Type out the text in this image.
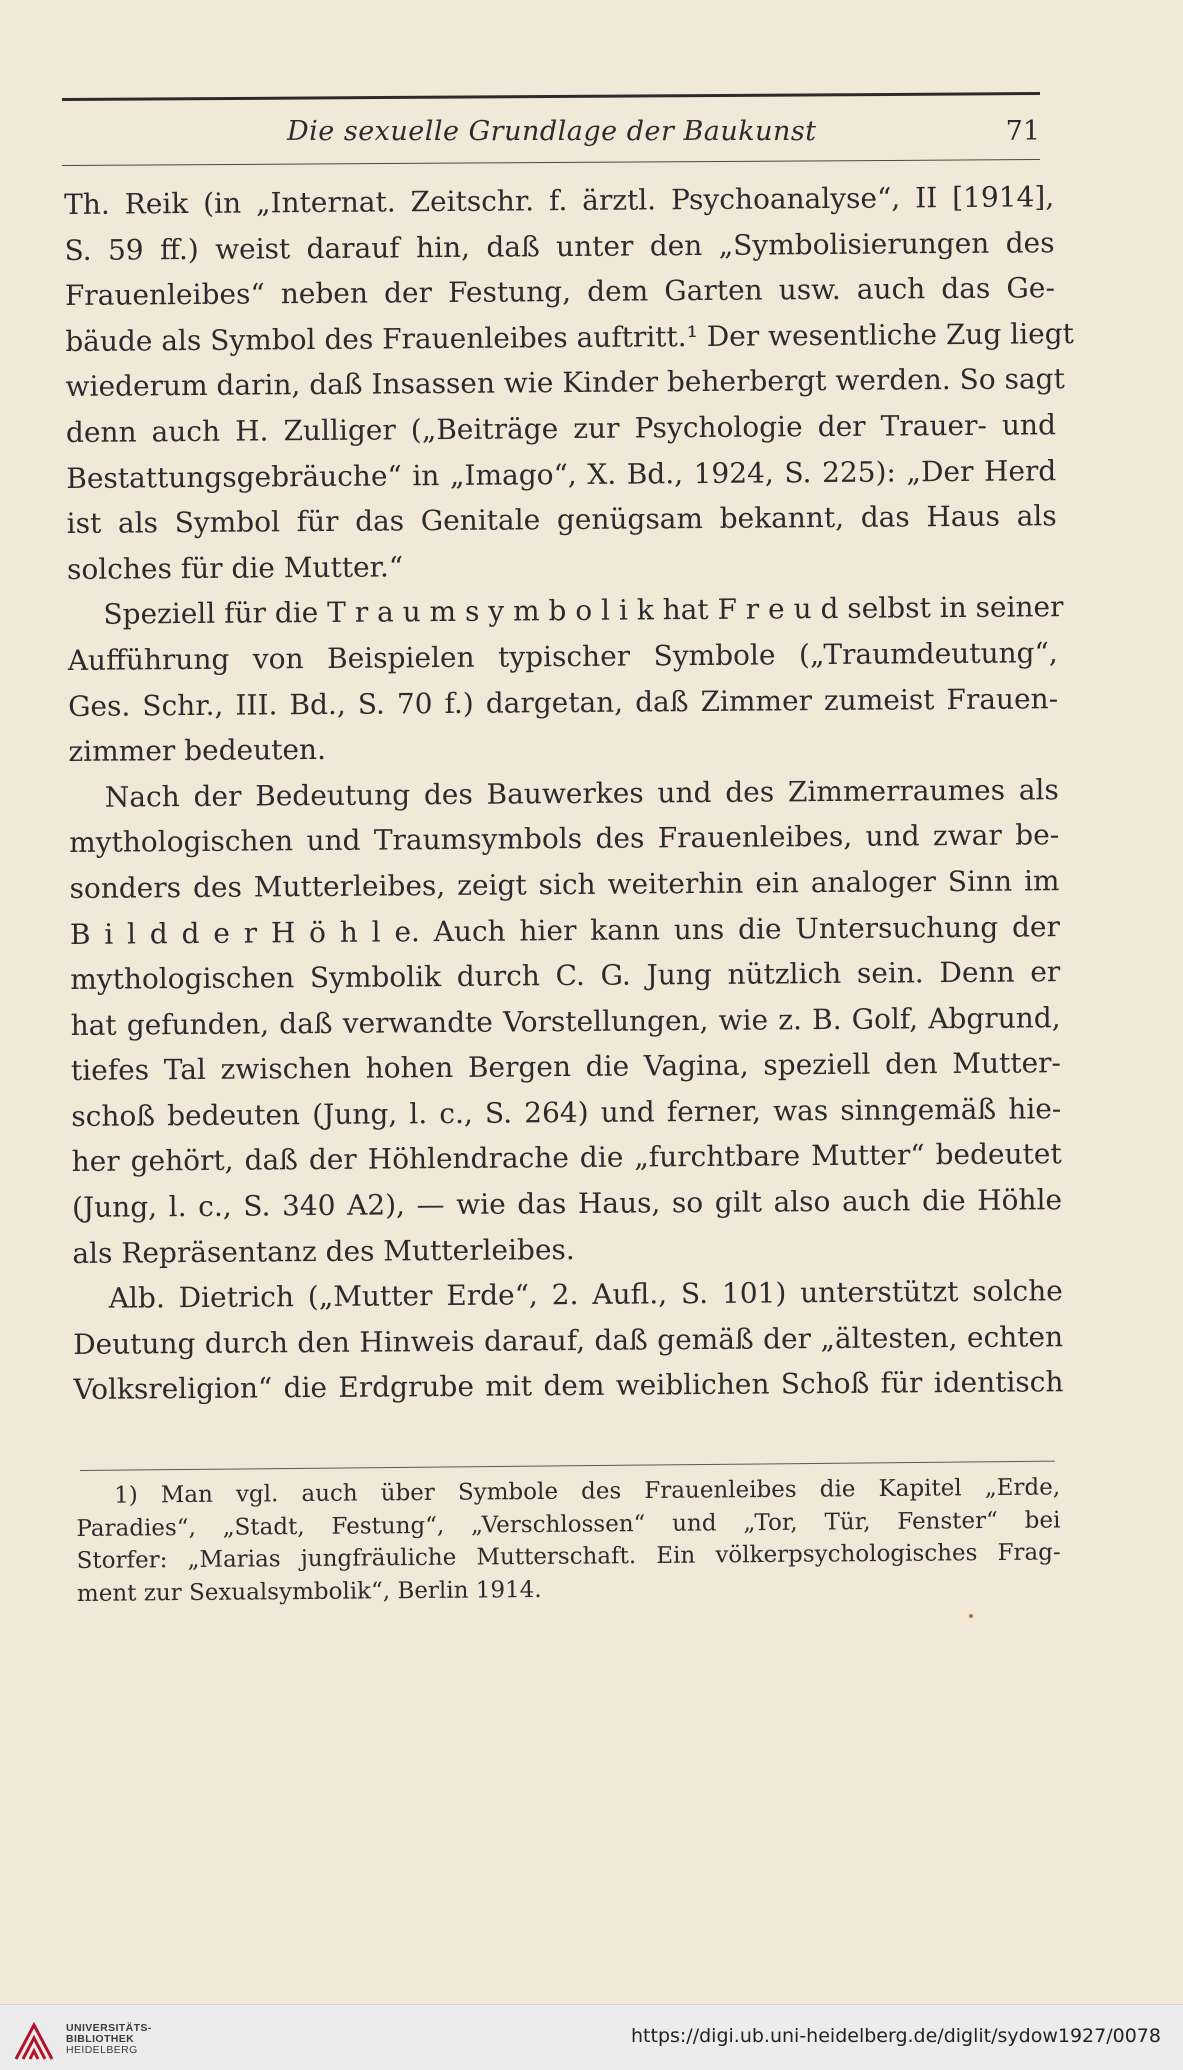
Die sexuelle Grundlage der Baukunst	71
Th. Reik (in „Internat. Zeitschr. f. ärztl. Psychoanalyse“, II [1914],
S. 59 ff.) weist darauf hin, daß unter den „Symbolisierungen des
Frauenleibes“ neben der Festung, dem Garten usw. auch das Ge-
bäude als Symbol des Frauenleibes auftritt.¹ Der wesentliche Zug liegt
wiederum darin, daß Insassen wie Kinder beherbergt werden. So sagt
denn auch H. Zulliger („Beiträge zur Psychologie der Trauer- und
Bestattungsgebräuche“ in „Imago“, X. Bd., 1924, S. 225): „Der Herd
ist als Symbol für das Genitale genügsam bekannt, das Haus als
solches für die Mutter.“
Speziell für die T r a u m s y m b o l i k hat F r e u d selbst in seiner
Aufführung von Beispielen typischer Symbole („Traumdeutung“,
Ges. Schr., III. Bd., S. 70 f.) dargetan, daß Zimmer zumeist Frauen-
zimmer bedeuten.
Nach der Bedeutung des Bauwerkes und des Zimmerraumes als
mythologischen und Traumsymbols des Frauenleibes, und zwar be-
sonders des Mutterleibes, zeigt sich weiterhin ein analoger Sinn im
B i l d d e r H ö h l e. Auch hier kann uns die Untersuchung der
mythologischen Symbolik durch C. G. Jung nützlich sein. Denn er
hat gefunden, daß verwandte Vorstellungen, wie z. B. Golf, Abgrund,
tiefes Tal zwischen hohen Bergen die Vagina, speziell den Mutter-
schoß bedeuten (Jung, l. c., S. 264) und ferner, was sinngemäß hie-
her gehört, daß der Höhlendrache die „furchtbare Mutter“ bedeutet
(Jung, l. c., S. 340 A2), — wie das Haus, so gilt also auch die Höhle
als Repräsentanz des Mutterleibes.
Alb. Dietrich („Mutter Erde“, 2. Aufl., S. 101) unterstützt solche
Deutung durch den Hinweis darauf, daß gemäß der „ältesten, echten
Volksreligion“ die Erdgrube mit dem weiblichen Schoß für identisch
1) Man vgl. auch über Symbole des Frauenleibes die Kapitel „Erde,
Paradies“, „Stadt, Festung“, „Verschlossen“ und „Tor, Tür, Fenster“ bei
Storfer: „Marias jungfräuliche Mutterschaft. Ein völkerpsychologisches Frag-
ment zur Sexualsymbolik“, Berlin 1914.
UNIVERSITÄTS-
BIBLIOTHEK
HEIDELBERG
https://digi.ub.uni-heidelberg.de/diglit/sydow1927/0078
